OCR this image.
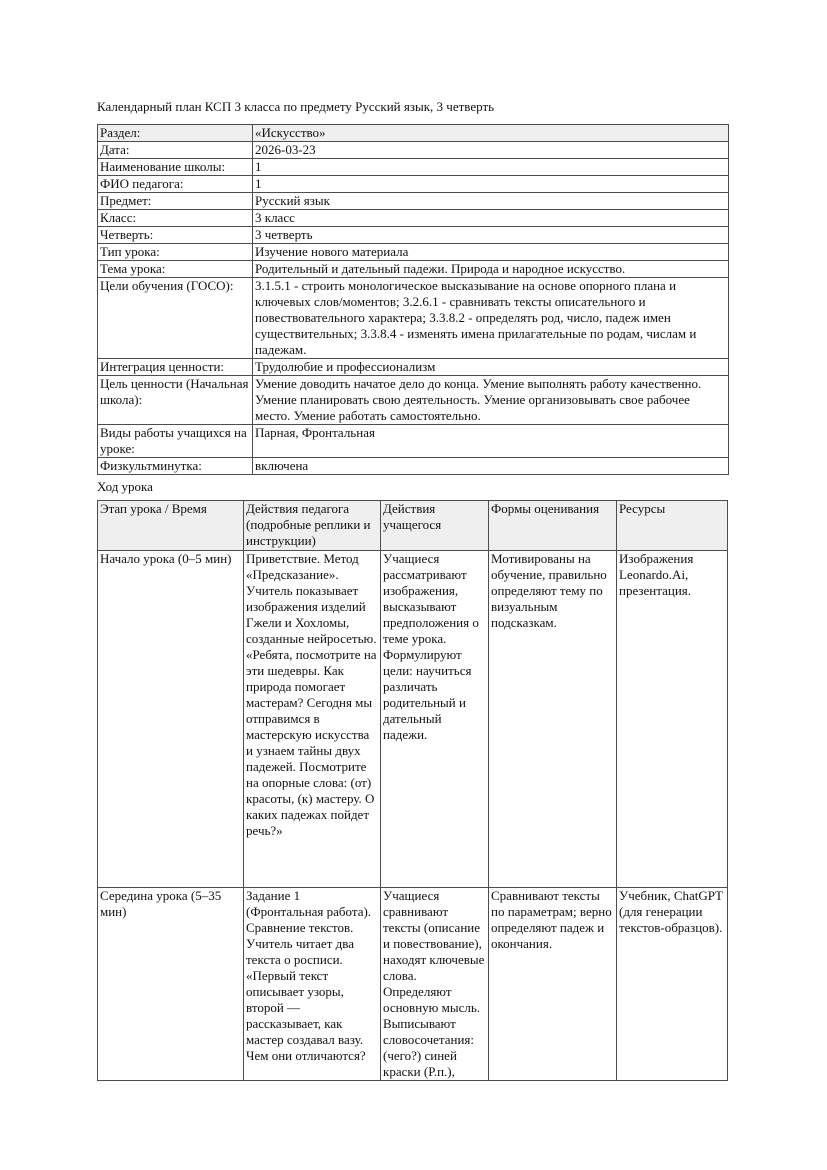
Календарный план КСП 3 класса по предмету Русский язык, 3 четверть

Раздел:	«Искусство»
Дата:	2026-03-23
Наименование школы:	1
ФИО педагога:	1
Предмет:	Русский язык
Класс:	3 класс
Четверть:	3 четверть
Тип урока:	Изучение нового материала
Тема урока:	Родительный и дательный падежи. Природа и народное искусство.
Цели обучения (ГОСО):	3.1.5.1 - строить монологическое высказывание на основе опорного плана и ключевых слов/моментов; 3.2.6.1 - сравнивать тексты описательного и повествовательного характера; 3.3.8.2 - определять род, число, падеж имен существительных; 3.3.8.4 - изменять имена прилагательные по родам, числам и падежам.
Интеграция ценности:	Трудолюбие и профессионализм
Цель ценности (Начальная школа):	Умение доводить начатое дело до конца. Умение выполнять работу качественно. Умение планировать свою деятельность. Умение организовывать свое рабочее место. Умение работать самостоятельно.
Виды работы учащихся на уроке:	Парная, Фронтальная
Физкультминутка:	включена

Ход урока

Этап урока / Время	Действия педагога (подробные реплики и инструкции)	Действия учащегося	Формы оценивания	Ресурсы
Начало урока (0–5 мин)	Приветствие. Метод «Предсказание». Учитель показывает изображения изделий Гжели и Хохломы, созданные нейросетью. «Ребята, посмотрите на эти шедевры. Как природа помогает мастерам? Сегодня мы отправимся в мастерскую искусства и узнаем тайны двух падежей. Посмотрите на опорные слова: (от) красоты, (к) мастеру. О каких падежах пойдет речь?»	Учащиеся рассматривают изображения, высказывают предположения о теме урока. Формулируют цели: научиться различать родительный и дательный падежи.	Мотивированы на обучение, правильно определяют тему по визуальным подсказкам.	Изображения Leonardo.Ai, презентация.

Середина урока (5–35 мин)	Задание 1 (Фронтальная работа). Сравнение текстов. Учитель читает два текста о росписи. «Первый текст описывает узоры, второй — рассказывает, как мастер создавал вазу. Чем они отличаются?	Учащиеся сравнивают тексты (описание и повествование), находят ключевые слова. Определяют основную мысль. Выписывают словосочетания: (чего?) синей краски (Р.п.),	Сравнивают тексты по параметрам; верно определяют падеж и окончания.	Учебник, ChatGPT (для генерации текстов-образцов).
